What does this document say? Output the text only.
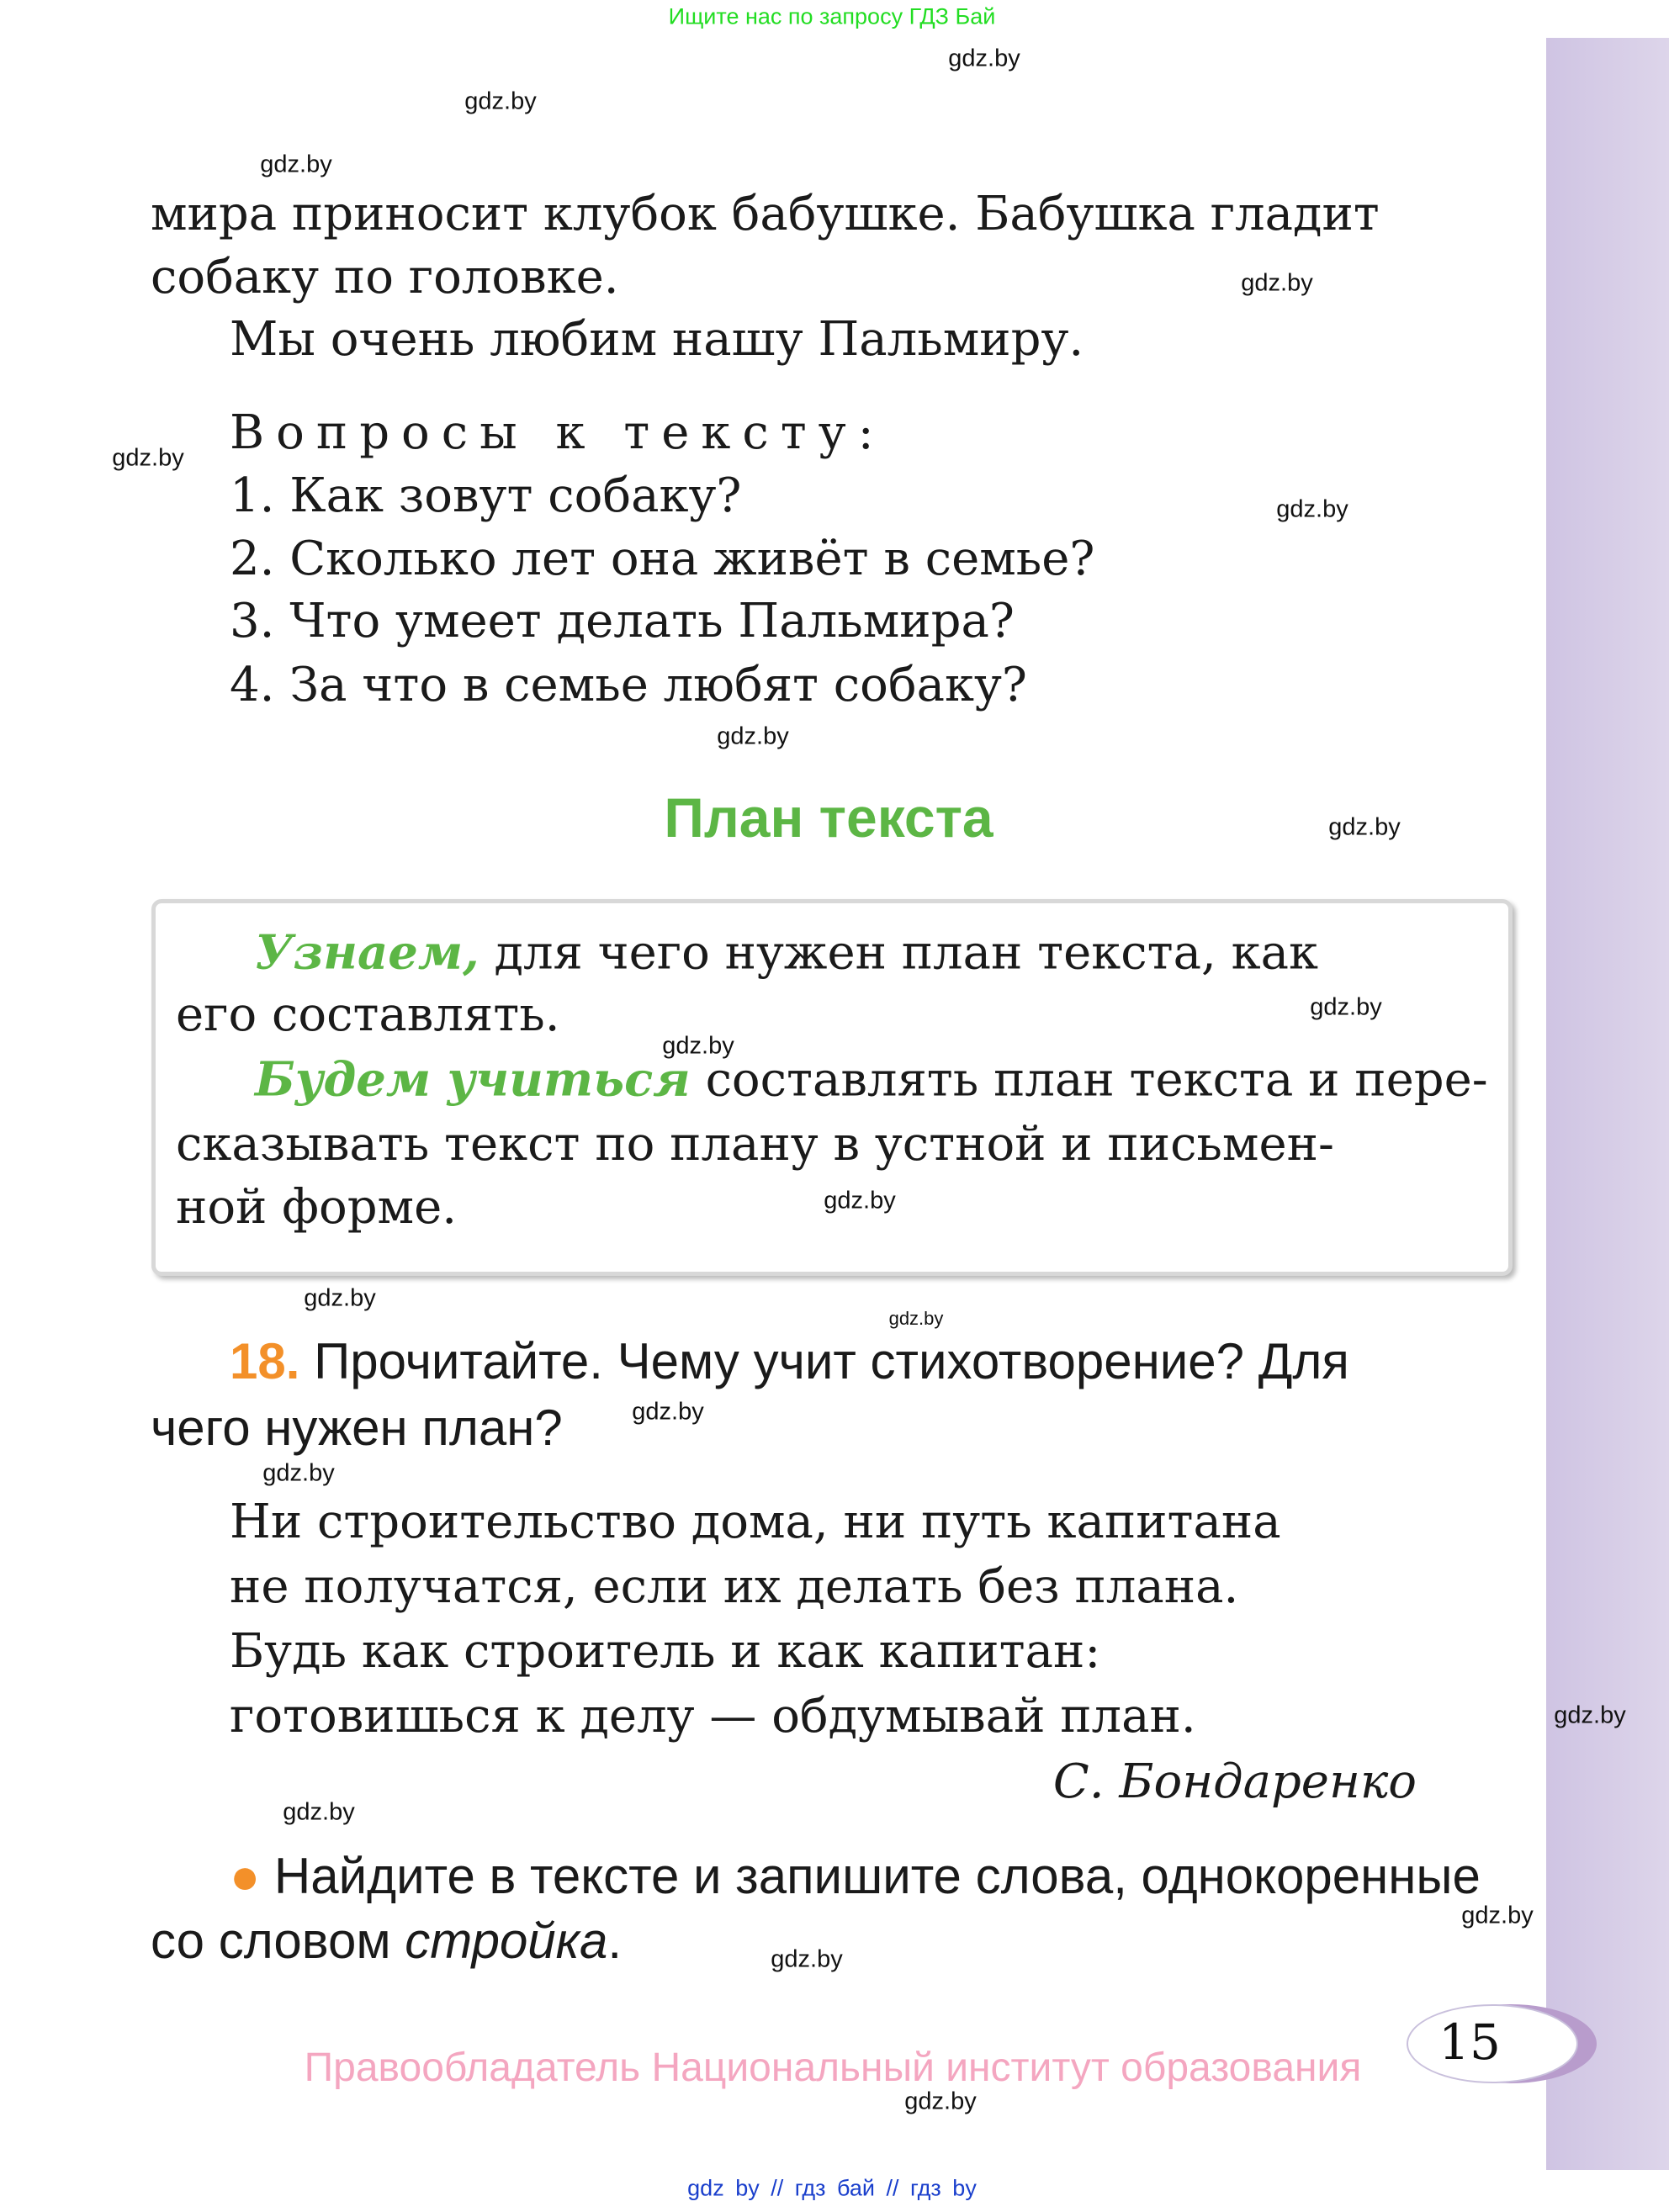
Ищите нас по запросу ГДЗ Бай
gdz.by
gdz.by
gdz.by
gdz.by
gdz.by
gdz.by
gdz.by
gdz.by
gdz.by
gdz.by
gdz.by
gdz.by
gdz.by
gdz.by
gdz.by
gdz.by
gdz.by
gdz.by
gdz.by
gdz.by
мира приносит клубок бабушке. Бабушка гладит
собаку по головке.
Мы очень любим нашу Пальмиру.
Вопросы к тексту:
1. Как зовут собаку?
2. Сколько лет она живёт в семье?
3. Что умеет делать Пальмира?
4. За что в семье любят собаку?
План текста
Узнаем, для чего нужен план текста, как
его составлять.
Будем учиться составлять план текста и пере-
сказывать текст по плану в устной и письмен-
ной форме.
18. Прочитайте. Чему учит стихотворение? Для
чего нужен план?
Ни строительство дома, ни путь капитана
не получатся, если их делать без плана.
Будь как строитель и как капитан:
готовишься к делу — обдумывай план.
С. Бондаренко
● Найдите в тексте и запишите слова, однокоренные
со словом стройка.
Правообладатель Национальный институт образования 15
gdz by // гдз бай // гдз by
